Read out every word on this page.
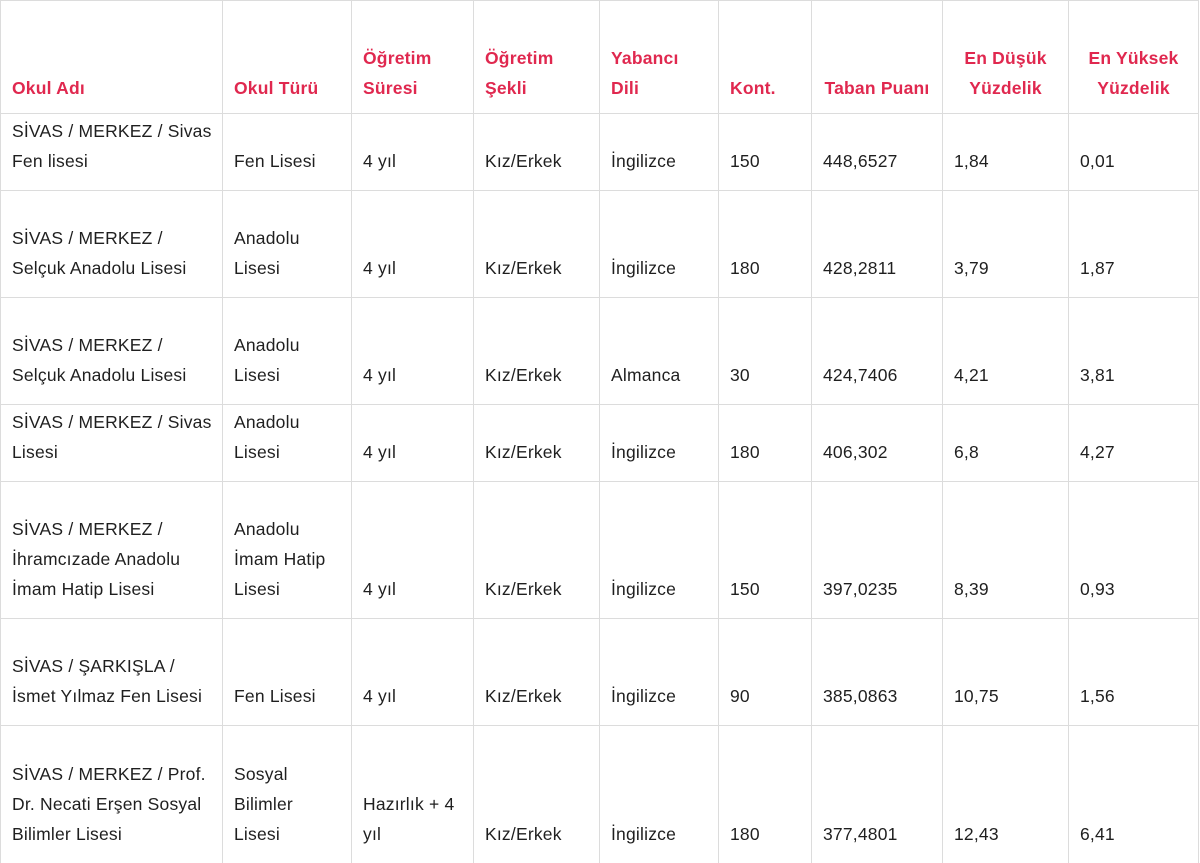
Okul Adı	Okul Türü	Öğretim Süresi	Öğretim Şekli	Yabancı Dili	Kont.	Taban Puanı	En Düşük Yüzdelik	En Yüksek Yüzdelik
SİVAS / MERKEZ / Sivas Fen lisesi	Fen Lisesi	4 yıl	Kız/Erkek	İngilizce	150	448,6527	1,84	0,01
SİVAS / MERKEZ / Selçuk Anadolu Lisesi	Anadolu Lisesi	4 yıl	Kız/Erkek	İngilizce	180	428,2811	3,79	1,87
SİVAS / MERKEZ / Selçuk Anadolu Lisesi	Anadolu Lisesi	4 yıl	Kız/Erkek	Almanca	30	424,7406	4,21	3,81
SİVAS / MERKEZ / Sivas Lisesi	Anadolu Lisesi	4 yıl	Kız/Erkek	İngilizce	180	406,302	6,8	4,27
SİVAS / MERKEZ / İhramcızade Anadolu İmam Hatip Lisesi	Anadolu İmam Hatip Lisesi	4 yıl	Kız/Erkek	İngilizce	150	397,0235	8,39	0,93
SİVAS / ŞARKIŞLA / İsmet Yılmaz Fen Lisesi	Fen Lisesi	4 yıl	Kız/Erkek	İngilizce	90	385,0863	10,75	1,56
SİVAS / MERKEZ / Prof. Dr. Necati Erşen Sosyal Bilimler Lisesi	Sosyal Bilimler Lisesi	Hazırlık + 4 yıl	Kız/Erkek	İngilizce	180	377,4801	12,43	6,41
